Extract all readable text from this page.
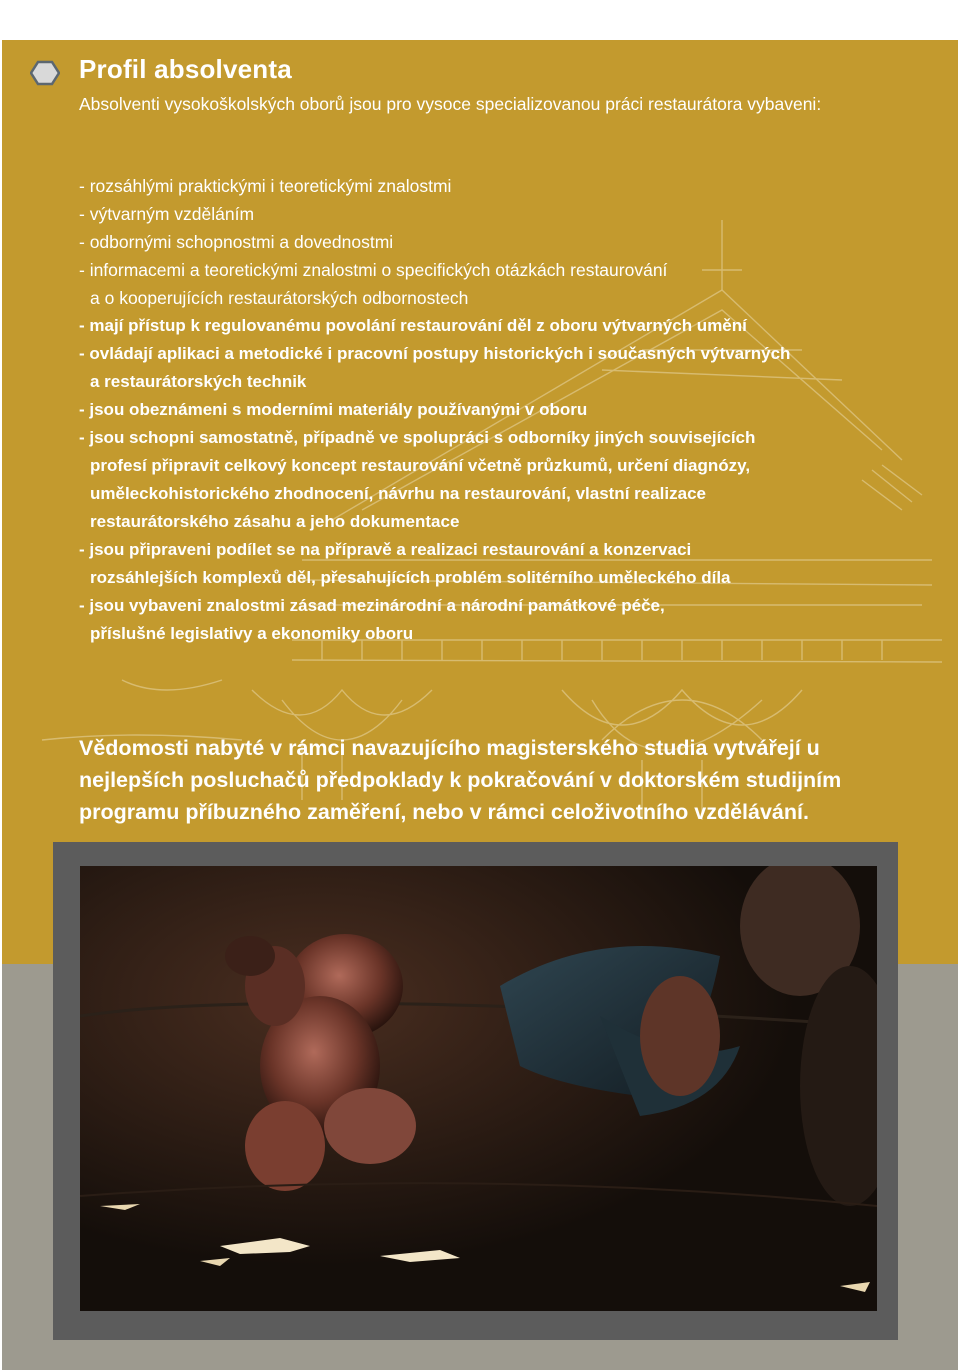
Profil absolventa

Absolventi vysokoškolských oborů jsou pro vysoce specializovanou práci restaurátora vybaveni:

- rozsáhlými praktickými i teoretickými znalostmi
- výtvarným vzděláním
- odbornými schopnostmi a dovednostmi
- informacemi a teoretickými znalostmi o specifických otázkách restaurování
a o kooperujících restaurátorských odbornostech
- mají přístup k regulovanému povolání restaurování děl z oboru výtvarných umění
- ovládají aplikaci a metodické i pracovní postupy historických i současných výtvarných
a restaurátorských technik
- jsou obeznámeni s moderními materiály používanými v oboru
- jsou schopni samostatně, případně ve spolupráci s odborníky jiných souvisejících
profesí připravit celkový koncept restaurování včetně průzkumů, určení diagnózy,
uměleckohistorického zhodnocení, návrhu na restaurování, vlastní realizace
restaurátorského zásahu a jeho dokumentace
- jsou připraveni podílet se na přípravě a realizaci restaurování a konzervaci
rozsáhlejších komplexů děl, přesahujících problém solitérního uměleckého díla
- jsou vybaveni znalostmi zásad mezinárodní a národní památkové péče,
příslušné legislativy a ekonomiky oboru

Vědomosti nabyté v rámci navazujícího magisterského studia vytvářejí u nejlepších posluchačů předpoklady k pokračování v doktorském studijním programu příbuzného zaměření, nebo v rámci celoživotního vzdělávání.
